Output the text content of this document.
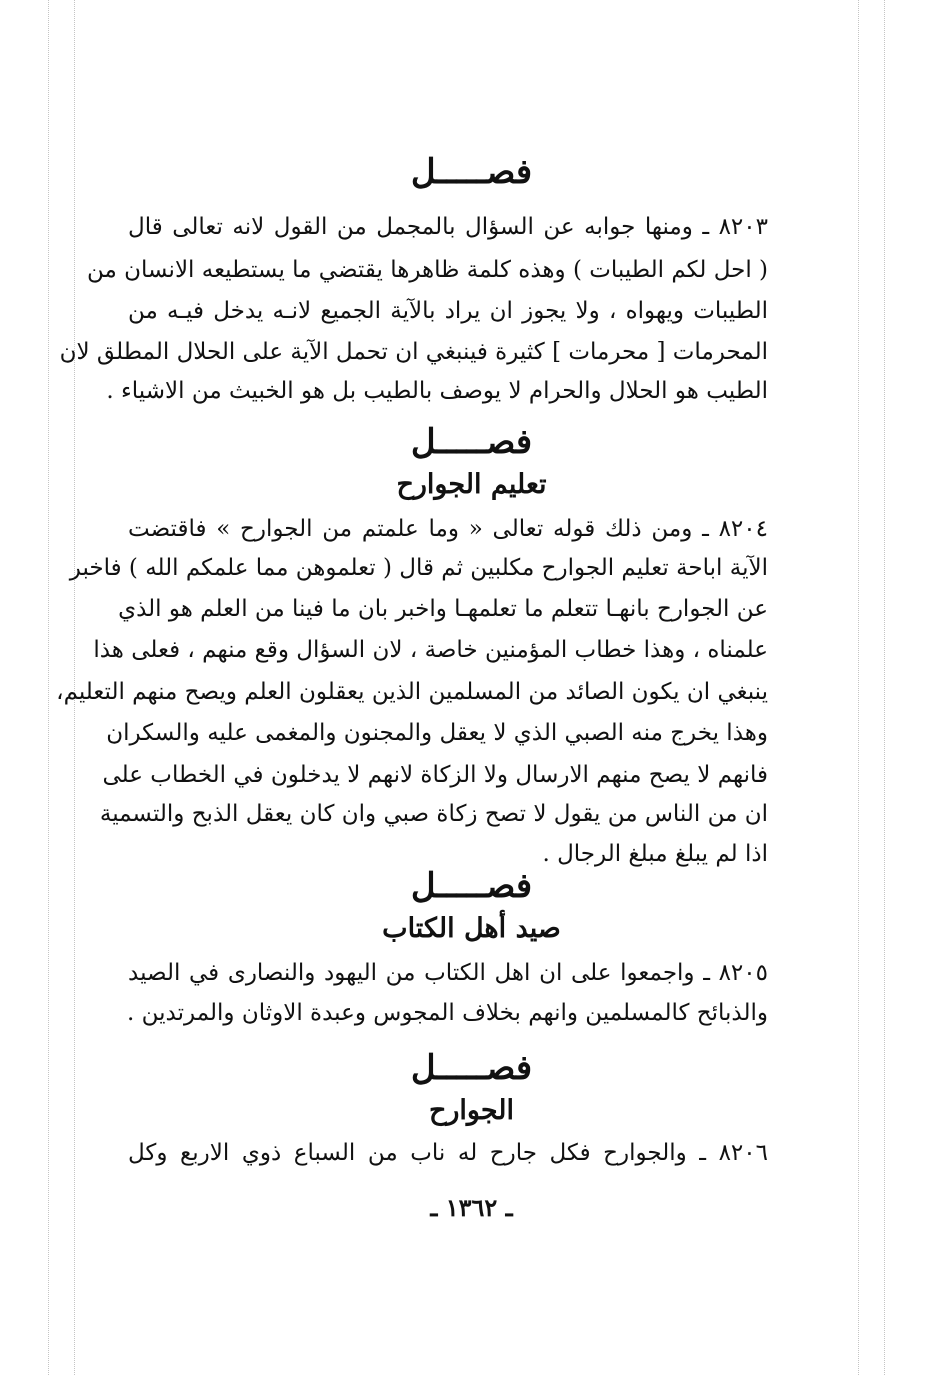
فصـــــل
٨٢٠٣ ـ ومنها جوابه عن السؤال بالمجمل من القول لانه تعالى قال
( احل لكم الطيبات ) وهذه كلمة ظاهرها يقتضي ما يستطيعه الانسان من
الطيبات ويهواه ، ولا يجوز ان يراد بالآية الجميع لانـه يدخل فيـه من
المحرمات [ محرمات ] كثيرة فينبغي ان تحمل الآية على الحلال المطلق لان
الطيب هو الحلال والحرام لا يوصف بالطيب بل هو الخبيث من الاشياء .
فصـــــل
تعليم الجوارح
٨٢٠٤ ـ ومن ذلك قوله تعالى « وما علمتم من الجوارح » فاقتضت
الآية اباحة تعليم الجوارح مكلبين ثم قال ( تعلموهن مما علمكم الله ) فاخبر
عن الجوارح بانهـا تتعلم ما تعلمهـا واخبر بان ما فينا من العلم هو الذي
علمناه ، وهذا خطاب المؤمنين خاصة ، لان السؤال وقع منهم ، فعلى هذا
ينبغي ان يكون الصائد من المسلمين الذين يعقلون العلم ويصح منهم التعليم،
وهذا يخرج منه الصبي الذي لا يعقل والمجنون والمغمى عليه والسكران
فانهم لا يصح منهم الارسال ولا الزكاة لانهم لا يدخلون في الخطاب على
ان من الناس من يقول لا تصح زكاة صبي وان كان يعقل الذبح والتسمية
اذا لم يبلغ مبلغ الرجال .
فصـــــل
صيد أهل الكتاب
٨٢٠٥ ـ واجمعوا على ان اهل الكتاب من اليهود والنصارى في الصيد
والذبائح كالمسلمين وانهم بخلاف المجوس وعبدة الاوثان والمرتدين .
فصـــــل
الجوارح
٨٢٠٦ ـ والجوارح فكل جارح له ناب من السباع ذوي الاربع وكل
ـ ١٣٦٢ ـ
